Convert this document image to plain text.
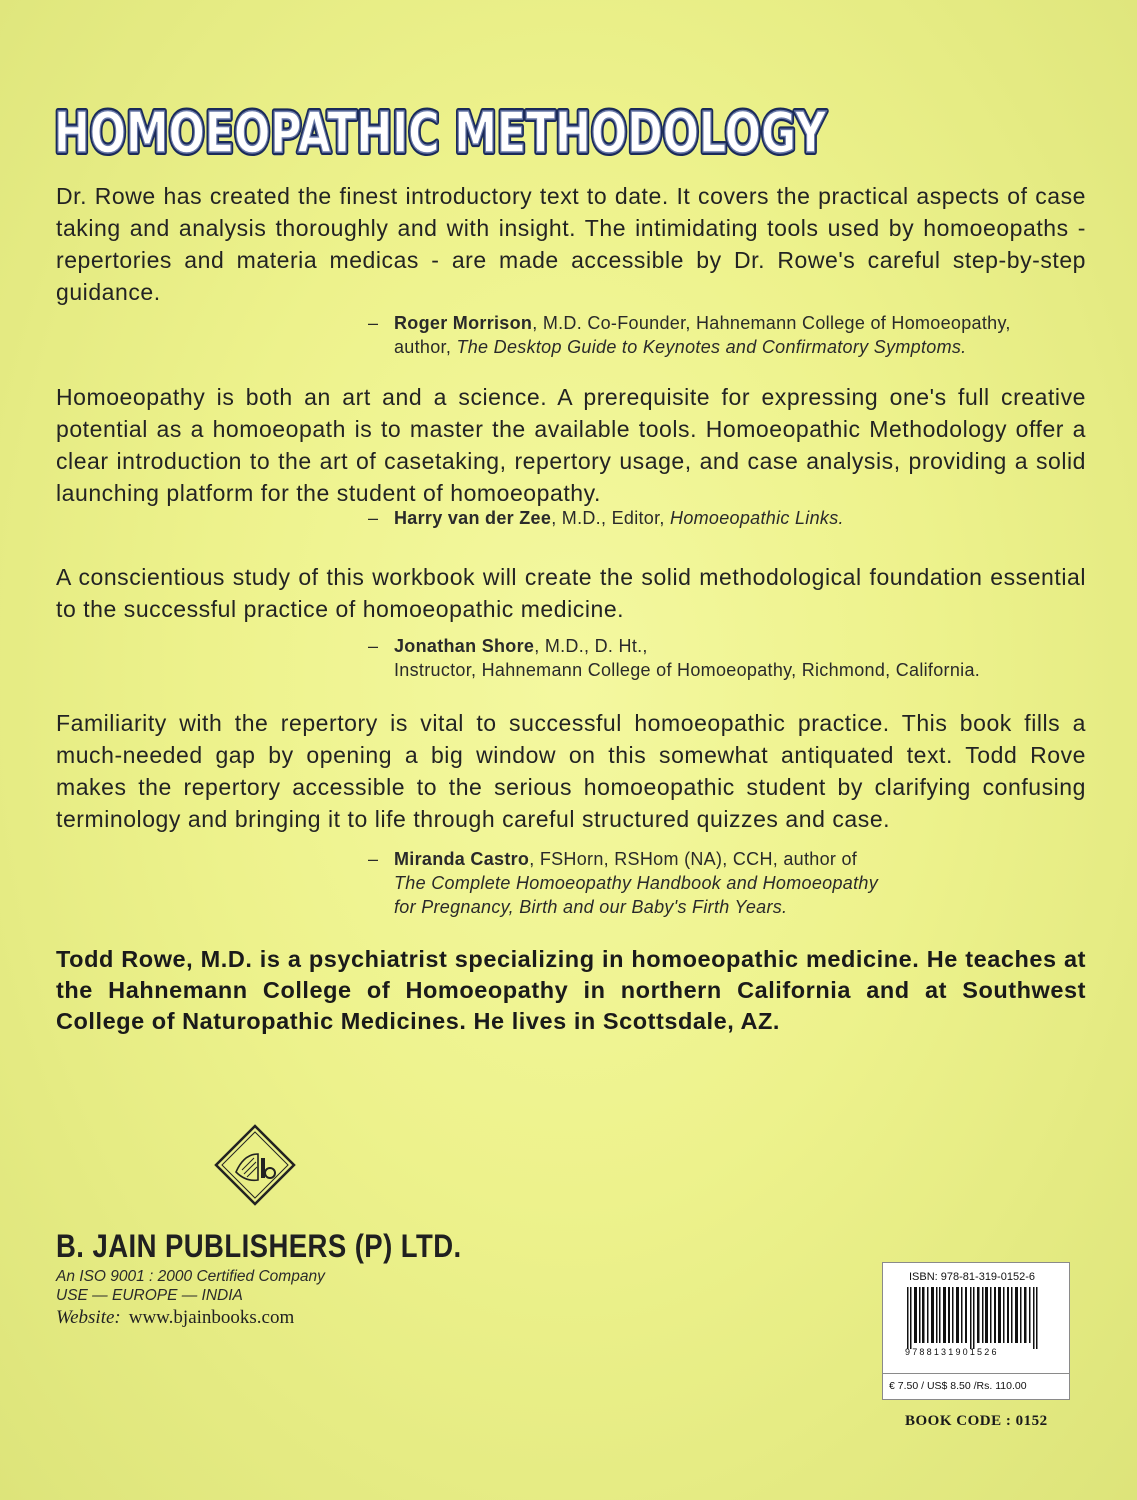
HOMOEOPATHIC METHODOLOGY
HOMOEOPATHIC METHODOLOGY

Dr. Rowe has created the finest introductory text to date. It covers the practical aspects of case taking and analysis thoroughly and with insight. The intimidating tools used by homoeopaths - repertories and materia medicas - are made accessible by Dr. Rowe's careful step-by-step guidance.

– Roger Morrison, M.D. Co-Founder, Hahnemann College of Homoeopathy,
author, The Desktop Guide to Keynotes and Confirmatory Symptoms.

Homoeopathy is both an art and a science. A prerequisite for expressing one's full creative potential as a homoeopath is to master the available tools. Homoeopathic Methodology offer a clear introduction to the art of casetaking, repertory usage, and case analysis, providing a solid launching platform for the student of homoeopathy.

– Harry van der Zee, M.D., Editor, Homoeopathic Links.

A conscientious study of this workbook will create the solid methodological foundation essential to the successful practice of homoeopathic medicine.

– Jonathan Shore, M.D., D. Ht.,
Instructor, Hahnemann College of Homoeopathy, Richmond, California.

Familiarity with the repertory is vital to successful homoeopathic practice. This book fills a much-needed gap by opening a big window on this somewhat antiquated text. Todd Rove makes the repertory accessible to the serious homoeopathic student by clarifying confusing terminology and bringing it to life through careful structured quizzes and case.

– Miranda Castro, FSHorn, RSHom (NA), CCH, author of
The Complete Homoeopathy Handbook and Homoeopathy
for Pregnancy, Birth and our Baby's Firth Years.

Todd Rowe, M.D. is a psychiatrist specializing in homoeopathic medicine. He teaches at the Hahnemann College of Homoeopathy in northern California and at Southwest College of Naturopathic Medicines. He lives in Scottsdale, AZ.

B. JAIN PUBLISHERS (P) LTD.
An ISO 9001 : 2000 Certified Company
USE — EUROPE — INDIA
Website: www.bjainbooks.com
ISBN: 978-81-319-0152-6
9788131901526
€ 7.50 / US$ 8.50 /Rs. 110.00
BOOK CODE : 0152
